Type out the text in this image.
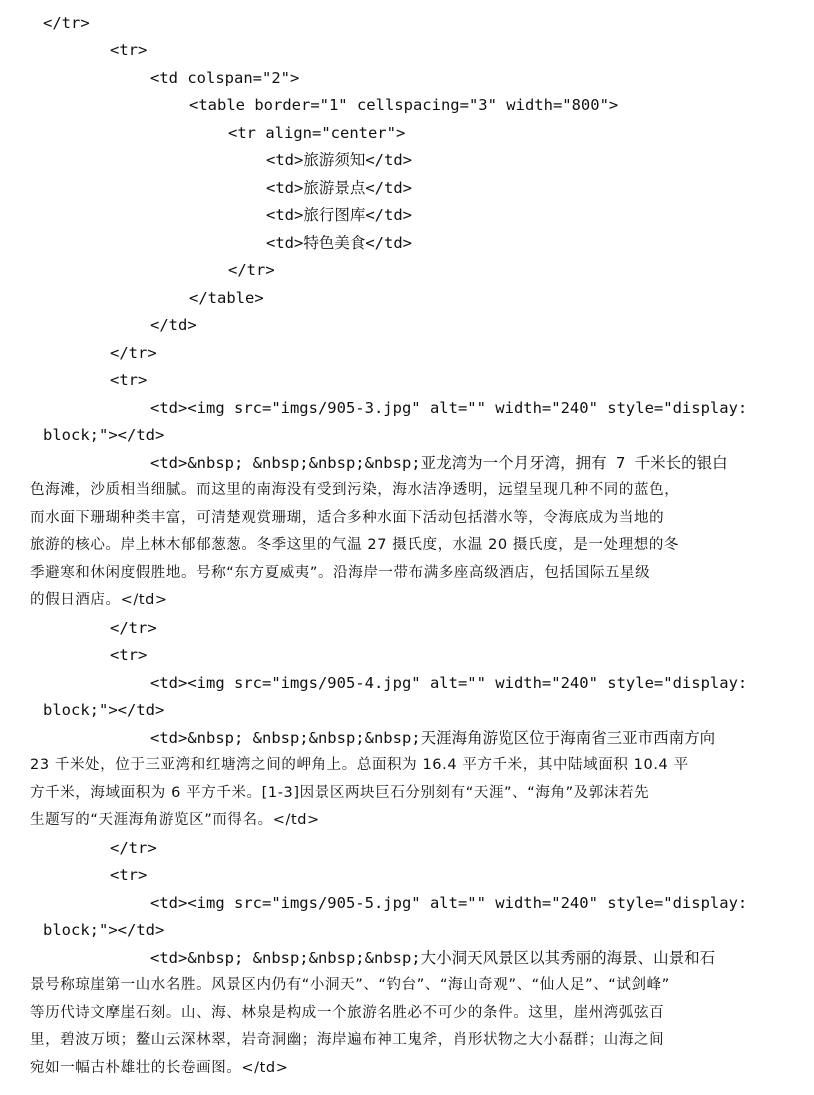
</tr>
<tr>
<td colspan="2">
<table border="1" cellspacing="3" width="800">
<tr align="center">
<td>旅游须知</td>
<td>旅游景点</td>
<td>旅行图库</td>
<td>特色美食</td>
</tr>
</table>
</td>
</tr>
<tr>
<td><img src="imgs/905-3.jpg" alt="" width="240" style="display:
block;"></td>
<td>&nbsp; &nbsp;&nbsp;&nbsp;亚龙湾为一个月牙湾，拥有 7 千米长的银白
色海滩，沙质相当细腻。而这里的南海没有受到污染，海水洁净透明，远望呈现几种不同的蓝色，
而水面下珊瑚种类丰富，可清楚观赏珊瑚，适合多种水面下活动包括潜水等，令海底成为当地的
旅游的核心。岸上林木郁郁葱葱。冬季这里的气温 27 摄氏度，水温 20 摄氏度，是一处理想的冬
季避寒和休闲度假胜地。号称“东方夏威夷”。沿海岸一带布满多座高级酒店，包括国际五星级
的假日酒店。</td>
</tr>
<tr>
<td><img src="imgs/905-4.jpg" alt="" width="240" style="display:
block;"></td>
<td>&nbsp; &nbsp;&nbsp;&nbsp;天涯海角游览区位于海南省三亚市西南方向
23 千米处，位于三亚湾和红塘湾之间的岬角上。总面积为 16.4 平方千米，其中陆域面积 10.4 平
方千米，海域面积为 6 平方千米。[1-3]因景区两块巨石分别刻有“天涯”、“海角”及郭沫若先
生题写的“天涯海角游览区”而得名。</td>
</tr>
<tr>
<td><img src="imgs/905-5.jpg" alt="" width="240" style="display:
block;"></td>
<td>&nbsp; &nbsp;&nbsp;&nbsp;大小洞天风景区以其秀丽的海景、山景和石
景号称琼崖第一山水名胜。风景区内仍有“小洞天”、“钓台”、“海山奇观”、“仙人足”、“试剑峰”
等历代诗文摩崖石刻。山、海、林泉是构成一个旅游名胜必不可少的条件。这里，崖州湾弧弦百
里，碧波万顷；鳌山云深林翠，岩奇洞幽；海岸遍布神工鬼斧，肖形状物之大小磊群；山海之间
宛如一幅古朴雄壮的长卷画图。</td>
